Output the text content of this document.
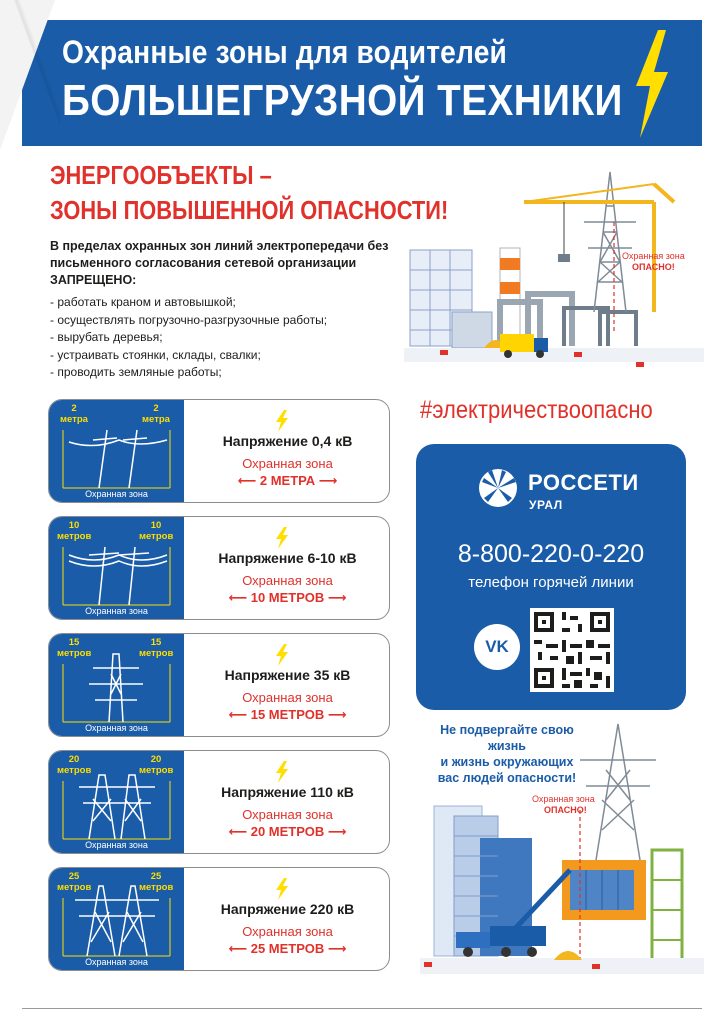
Охранные зоны для водителей
БОЛЬШЕГРУЗНОЙ ТЕХНИКИ
ЭНЕРГООБЪЕКТЫ –
ЗОНЫ ПОВЫШЕННОЙ ОПАСНОСТИ!
В пределах охранных зон линий электропередачи без письменного согласования сетевой организации ЗАПРЕЩЕНО:
- работать краном и автовышкой;
- осуществлять погрузочно-разгрузочные работы;
- вырубать деревья;
- устраивать стоянки, склады, свалки;
- проводить земляные работы;
Охранная зона
ОПАСНО!
2
метра
2
метра
Охранная зона
Напряжение 0,4 кВ
Охранная зона
⟵ 2 МЕТРА ⟶
10
метров
10
метров
Охранная зона
Напряжение 6-10 кВ
Охранная зона
⟵ 10 МЕТРОВ ⟶
15
метров
15
метров
Охранная зона
Напряжение 35 кВ
Охранная зона
⟵ 15 МЕТРОВ ⟶
20
метров
20
метров
Охранная зона
Напряжение 110 кВ
Охранная зона
⟵ 20 МЕТРОВ ⟶
25
метров
25
метров
Охранная зона
Напряжение 220 кВ
Охранная зона
⟵ 25 МЕТРОВ ⟶
#электричествоопасно
РОССЕТИ
УРАЛ
8-800-220-0-220
телефон горячей линии
VK
Не подвергайте свою жизнь
и жизнь окружающих
вас людей опасности!
Охранная зона
ОПАСНО!
